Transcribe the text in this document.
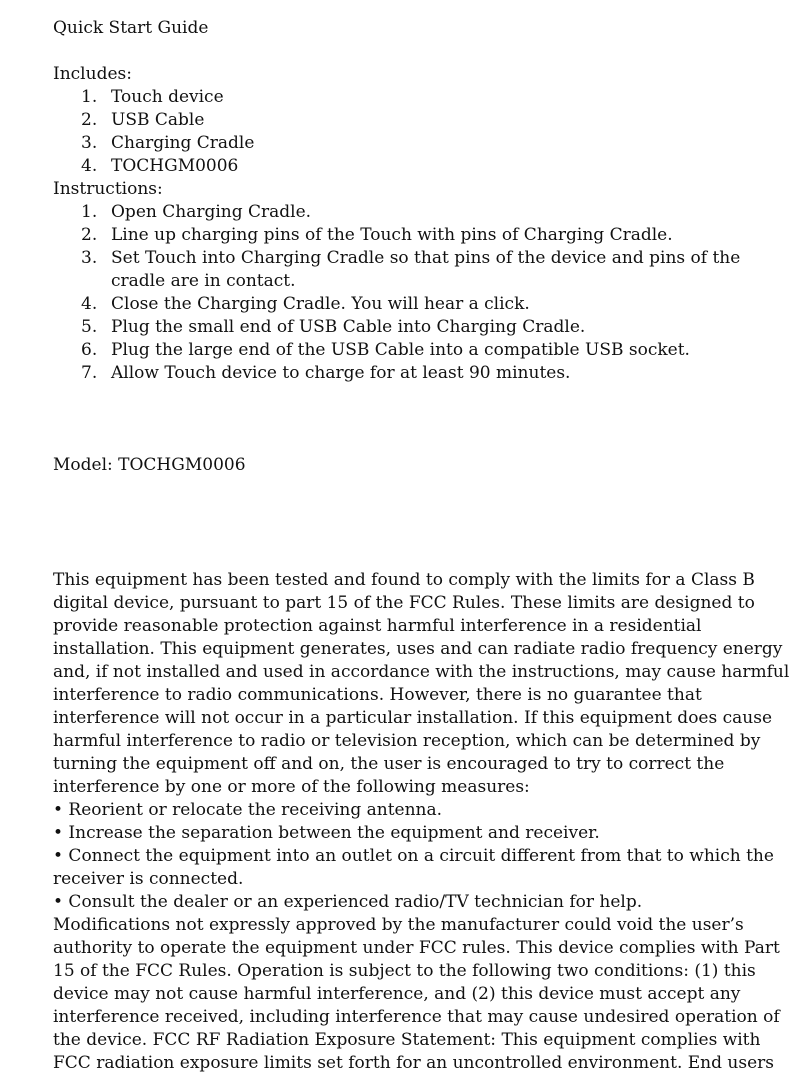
Quick Start Guide

Includes:
1. Touch device
2. USB Cable
3. Charging Cradle
4. TOCHGM0006
Instructions:
1. Open Charging Cradle.
2. Line up charging pins of the Touch with pins of Charging Cradle.
3. Set Touch into Charging Cradle so that pins of the device and pins of the
cradle are in contact.
4. Close the Charging Cradle. You will hear a click.
5. Plug the small end of USB Cable into Charging Cradle.
6. Plug the large end of the USB Cable into a compatible USB socket.
7. Allow Touch device to charge for at least 90 minutes.
Model: TOCHGM0006
This equipment has been tested and found to comply with the limits for a Class B
digital device, pursuant to part 15 of the FCC Rules. These limits are designed to
provide reasonable protection against harmful interference in a residential
installation. This equipment generates, uses and can radiate radio frequency energy
and, if not installed and used in accordance with the instructions, may cause harmful
interference to radio communications. However, there is no guarantee that
interference will not occur in a particular installation. If this equipment does cause
harmful interference to radio or television reception, which can be determined by
turning the equipment off and on, the user is encouraged to try to correct the
interference by one or more of the following measures:
• Reorient or relocate the receiving antenna.
• Increase the separation between the equipment and receiver.
• Connect the equipment into an outlet on a circuit different from that to which the
receiver is connected.
• Consult the dealer or an experienced radio/TV technician for help.
Modifications not expressly approved by the manufacturer could void the user’s
authority to operate the equipment under FCC rules. This device complies with Part
15 of the FCC Rules. Operation is subject to the following two conditions: (1) this
device may not cause harmful interference, and (2) this device must accept any
interference received, including interference that may cause undesired operation of
the device. FCC RF Radiation Exposure Statement: This equipment complies with
FCC radiation exposure limits set forth for an uncontrolled environment. End users
